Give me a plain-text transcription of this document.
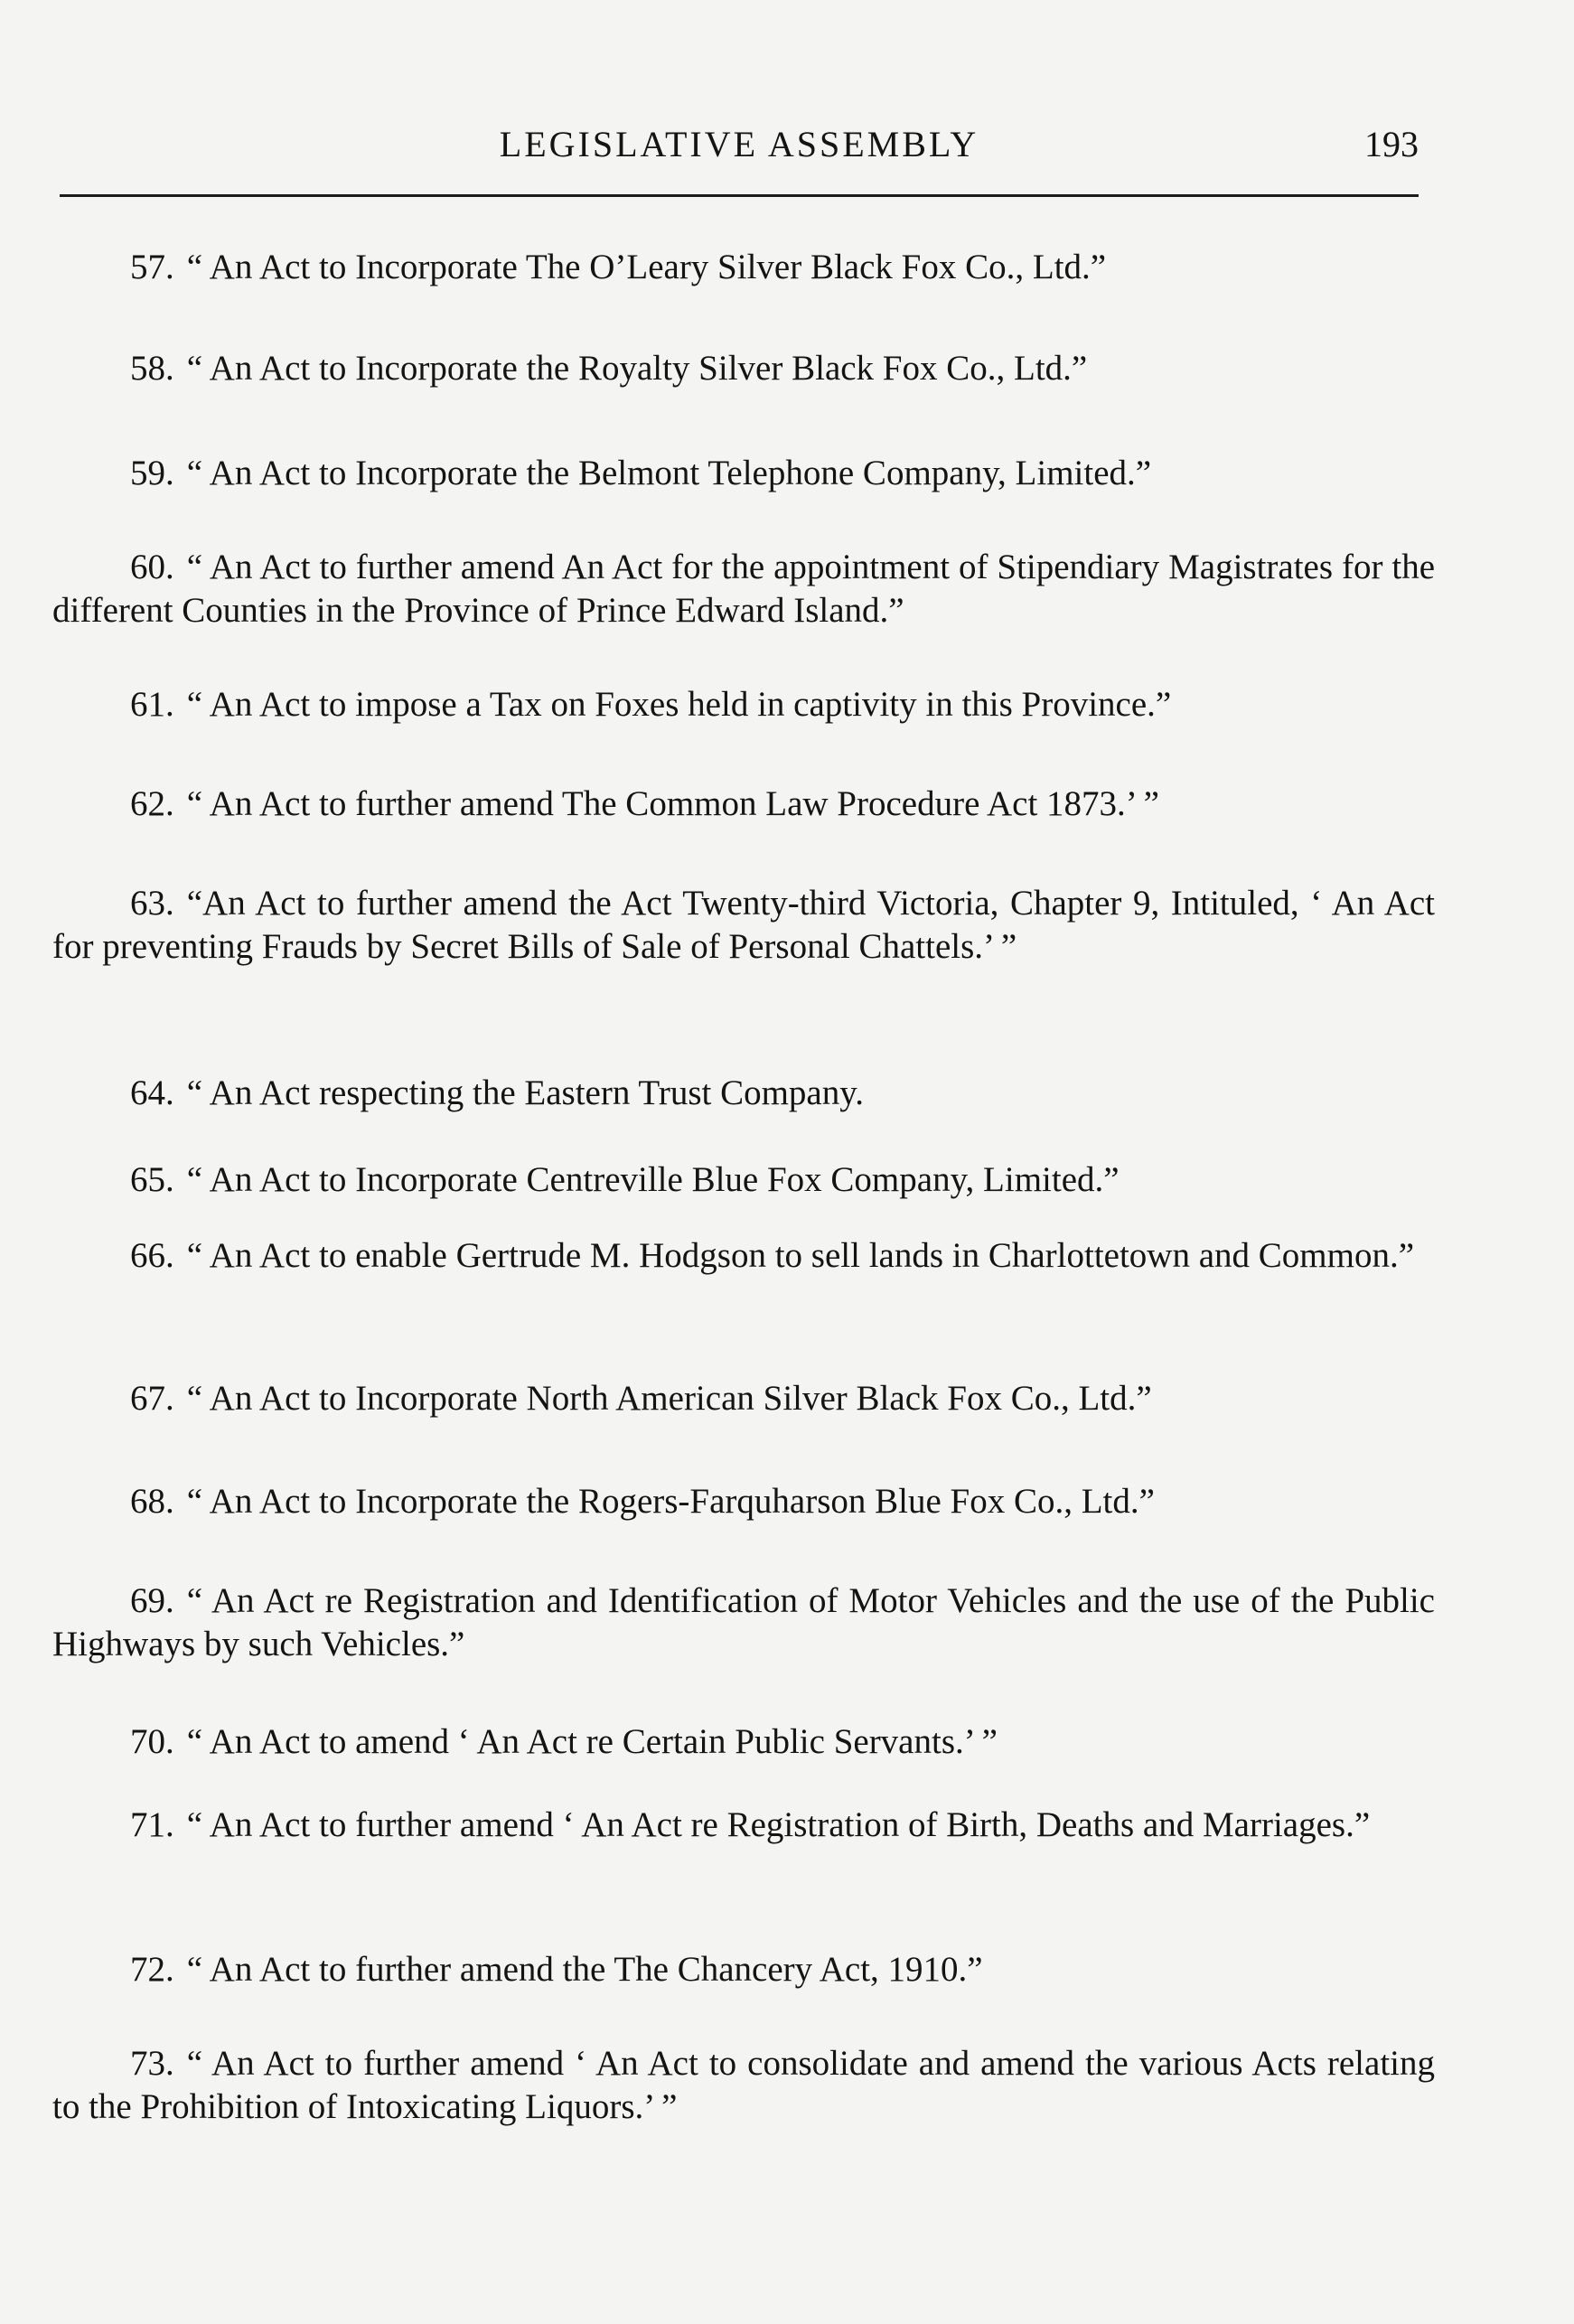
LEGISLATIVE ASSEMBLY	193

57. “ An Act to Incorporate The O’Leary Silver Black Fox Co., Ltd.”

58. “ An Act to Incorporate the Royalty Silver Black Fox Co., Ltd.”

59. “ An Act to Incorporate the Belmont Telephone Company, Limited.”

60. “ An Act to further amend An Act for the appointment of Stipendiary Magistrates for the different Counties in the Province of Prince Edward Island.”

61. “ An Act to impose a Tax on Foxes held in captivity in this Province.”

62. “ An Act to further amend The Common Law Procedure Act 1873.’ ”

63. “An Act to further amend the Act Twenty-third Victoria, Chapter 9, Intituled, ‘ An Act for preventing Frauds by Secret Bills of Sale of Personal Chattels.’ ”

64. “ An Act respecting the Eastern Trust Company.

65. “ An Act to Incorporate Centreville Blue Fox Company, Limited.”

66. “ An Act to enable Gertrude M. Hodgson to sell lands in Charlottetown and Common.”

67. “ An Act to Incorporate North American Silver Black Fox Co., Ltd.”

68. “ An Act to Incorporate the Rogers-Farquharson Blue Fox Co., Ltd.”

69. “ An Act re Registration and Identification of Motor Vehicles and the use of the Public Highways by such Vehicles.”

70. “ An Act to amend ‘ An Act re Certain Public Servants.’ ”

71. “ An Act to further amend ‘ An Act re Registration of Birth, Deaths and Marriages.”

72. “ An Act to further amend the The Chancery Act, 1910.”

73. “ An Act to further amend ‘ An Act to consolidate and amend the various Acts relating to the Prohibition of Intoxicating Liquors.’ ”
